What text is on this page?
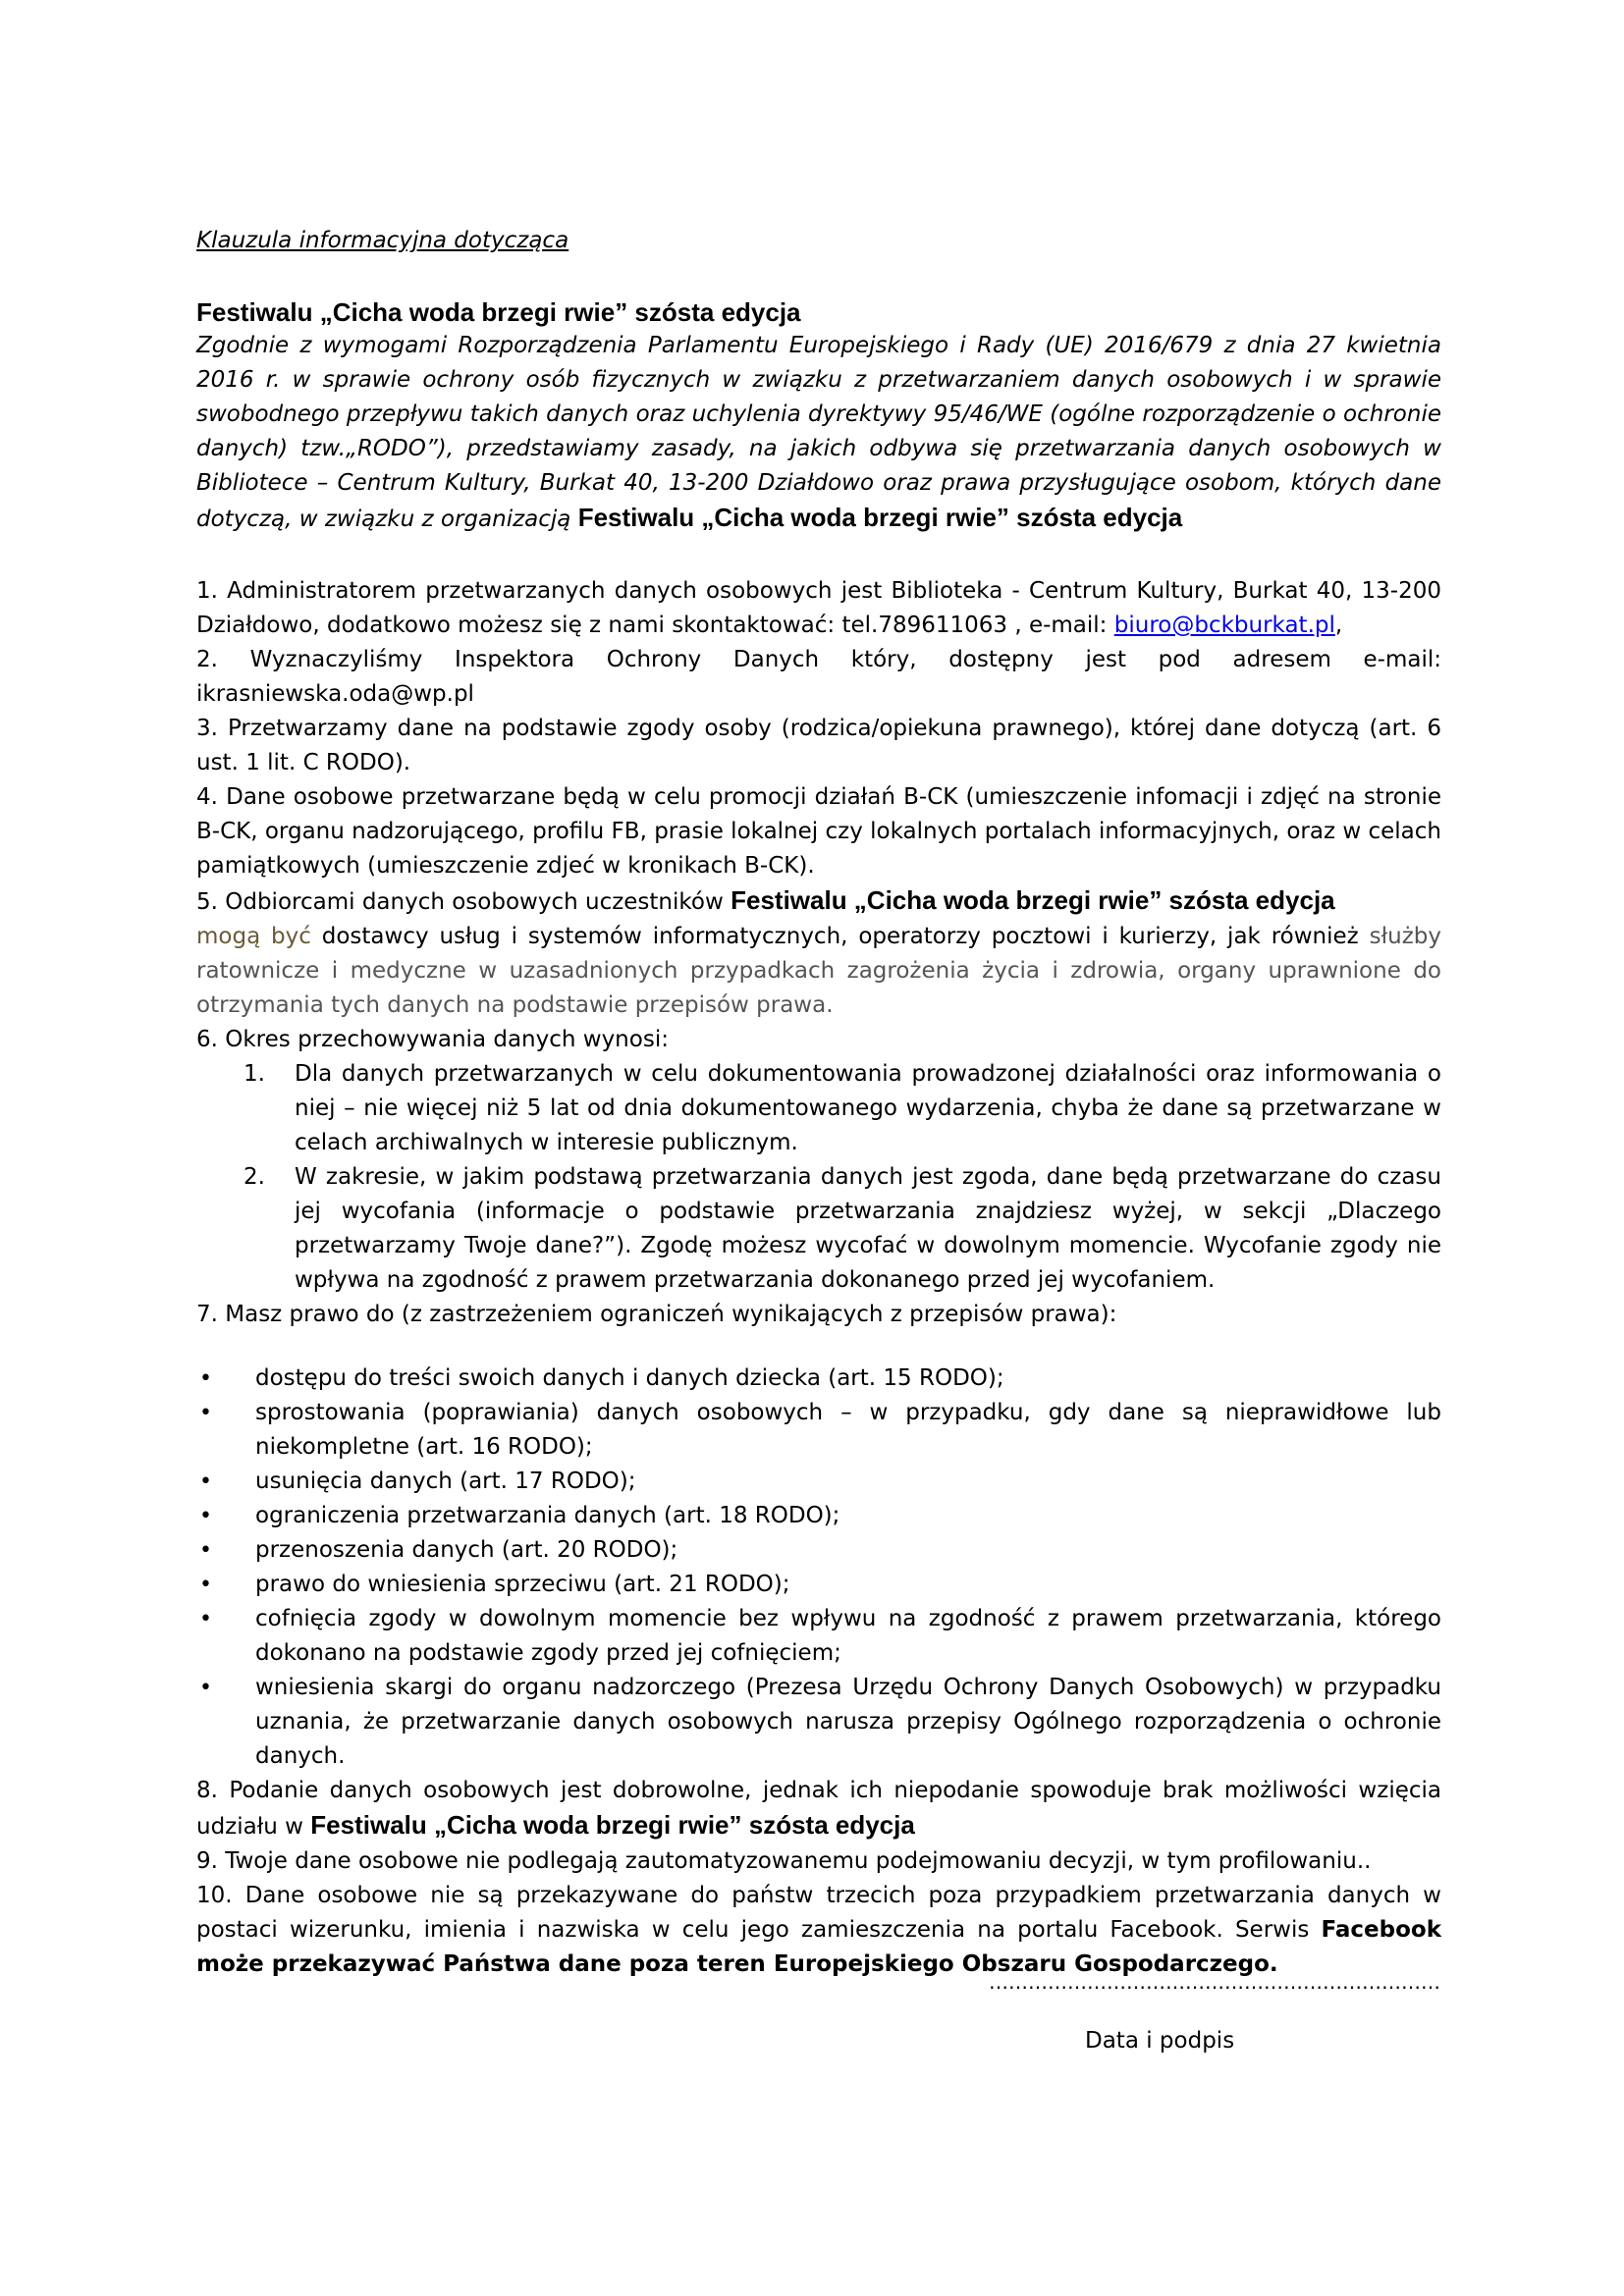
Klauzula informacyjna dotycząca

Festiwalu „Cicha woda brzegi rwie” szósta edycja

Zgodnie z wymogami Rozporządzenia Parlamentu Europejskiego i Rady (UE) 2016/679 z dnia 27 kwietnia 2016 r. w sprawie ochrony osób fizycznych w związku z przetwarzaniem danych osobowych i w sprawie swobodnego przepływu takich danych oraz uchylenia dyrektywy 95/46/WE (ogólne rozporządzenie o ochronie danych) tzw.„RODO”), przedstawiamy zasady, na jakich odbywa się przetwarzania danych osobowych w Bibliotece – Centrum Kultury, Burkat 40, 13-200 Działdowo oraz prawa przysługujące osobom, których dane dotyczą, w związku z organizacją Festiwalu „Cicha woda brzegi rwie” szósta edycja

1. Administratorem przetwarzanych danych osobowych jest Biblioteka - Centrum Kultury, Burkat 40, 13-200 Działdowo, dodatkowo możesz się z nami skontaktować: tel.789611063 , e-mail: biuro@bckburkat.pl,

2. Wyznaczyliśmy Inspektora Ochrony Danych który, dostępny jest pod adresem e-mail: ikrasniewska.oda@wp.pl

3. Przetwarzamy dane na podstawie zgody osoby (rodzica/opiekuna prawnego), której dane dotyczą (art. 6 ust. 1 lit. C RODO).

4. Dane osobowe przetwarzane będą w celu promocji działań B-CK (umieszczenie infomacji i zdjęć na stronie B-CK, organu nadzorującego, profilu FB, prasie lokalnej czy lokalnych portalach informacyjnych, oraz w celach pamiątkowych (umieszczenie zdjeć w kronikach B-CK).

5. Odbiorcami danych osobowych uczestników Festiwalu „Cicha woda brzegi rwie” szósta edycja
mogą być dostawcy usług i systemów informatycznych, operatorzy pocztowi i kurierzy, jak również służby ratownicze i medyczne w uzasadnionych przypadkach zagrożenia życia i zdrowia, organy uprawnione do otrzymania tych danych na podstawie przepisów prawa.

6. Okres przechowywania danych wynosi:

1. Dla danych przetwarzanych w celu dokumentowania prowadzonej działalności oraz informowania o niej – nie więcej niż 5 lat od dnia dokumentowanego wydarzenia, chyba że dane są przetwarzane w celach archiwalnych w interesie publicznym.
2. W zakresie, w jakim podstawą przetwarzania danych jest zgoda, dane będą przetwarzane do czasu jej wycofania (informacje o podstawie przetwarzania znajdziesz wyżej, w sekcji „Dlaczego przetwarzamy Twoje dane?”). Zgodę możesz wycofać w dowolnym momencie. Wycofanie zgody nie wpływa na zgodność z prawem przetwarzania dokonanego przed jej wycofaniem.

7. Masz prawo do (z zastrzeżeniem ograniczeń wynikających z przepisów prawa):

• dostępu do treści swoich danych i danych dziecka (art. 15 RODO);
• sprostowania (poprawiania) danych osobowych – w przypadku, gdy dane są nieprawidłowe lub niekompletne (art. 16 RODO);
• usunięcia danych (art. 17 RODO);
• ograniczenia przetwarzania danych (art. 18 RODO);
• przenoszenia danych (art. 20 RODO);
• prawo do wniesienia sprzeciwu (art. 21 RODO);
• cofnięcia zgody w dowolnym momencie bez wpływu na zgodność z prawem przetwarzania, którego dokonano na podstawie zgody przed jej cofnięciem;
• wniesienia skargi do organu nadzorczego (Prezesa Urzędu Ochrony Danych Osobowych) w przypadku uznania, że przetwarzanie danych osobowych narusza przepisy Ogólnego rozporządzenia o ochronie danych.

8. Podanie danych osobowych jest dobrowolne, jednak ich niepodanie spowoduje brak możliwości wzięcia udziału w Festiwalu „Cicha woda brzegi rwie” szósta edycja

9. Twoje dane osobowe nie podlegają zautomatyzowanemu podejmowaniu decyzji, w tym profilowaniu..

10. Dane osobowe nie są przekazywane do państw trzecich poza przypadkiem przetwarzania danych w postaci wizerunku, imienia i nazwiska w celu jego zamieszczenia na portalu Facebook. Serwis Facebook może przekazywać Państwa dane poza teren Europejskiego Obszaru Gospodarczego.

……………………………………………………………
Data i podpis
